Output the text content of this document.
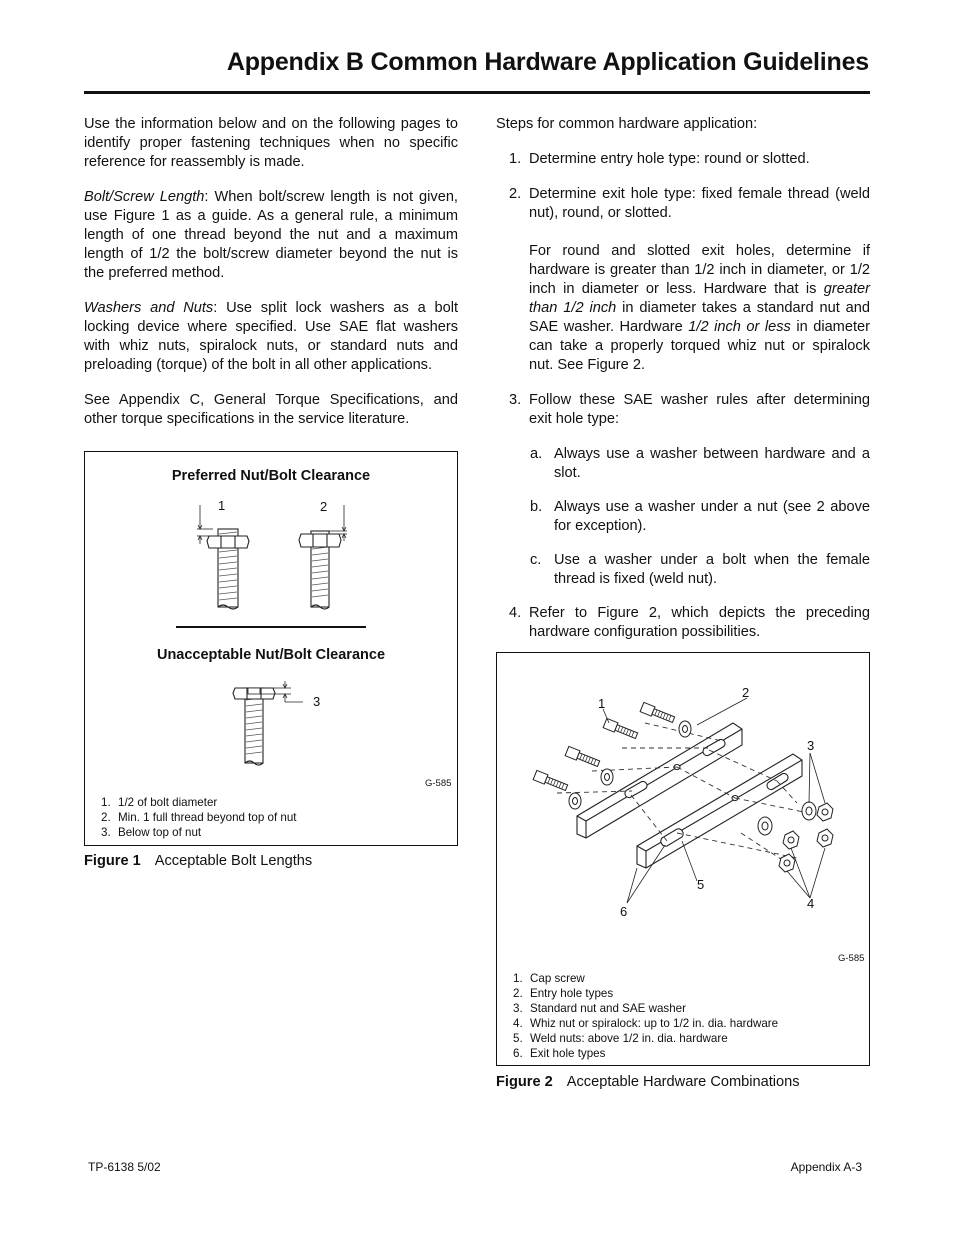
Appendix B Common Hardware Application Guidelines

Use the information below and on the following pages to identify proper fastening techniques when no specific reference for reassembly is made.

Bolt/Screw Length: When bolt/screw length is not given, use Figure 1 as a guide. As a general rule, a minimum length of one thread beyond the nut and a maximum length of 1/2 the bolt/screw diameter beyond the nut is the preferred method.

Washers and Nuts: Use split lock washers as a bolt locking device where specified. Use SAE flat washers with whiz nuts, spiralock nuts, or standard nuts and preloading (torque) of the bolt in all other applications.

See Appendix C, General Torque Specifications, and other torque specifications in the service literature.

Preferred Nut/Bolt Clearance
Unacceptable Nut/Bolt Clearance
1	2
3
G-585
1. 1/2 of bolt diameter
2. Min. 1 full thread beyond top of nut
3. Below top of nut
Figure 1 Acceptable Bolt Lengths

Steps for common hardware application:

1. Determine entry hole type: round or slotted.

2. Determine exit hole type: fixed female thread (weld nut), round, or slotted.

For round and slotted exit holes, determine if hardware is greater than 1/2 inch in diameter, or 1/2 inch in diameter or less. Hardware that is greater than 1/2 inch in diameter takes a standard nut and SAE washer. Hardware 1/2 inch or less in diameter can take a properly torqued whiz nut or spiralock nut. See Figure 2.

3. Follow these SAE washer rules after determining exit hole type:

a. Always use a washer between hardware and a slot.
b. Always use a washer under a nut (see 2 above for exception).
c. Use a washer under a bolt when the female thread is fixed (weld nut).
4. Refer to Figure 2, which depicts the preceding hardware configuration possibilities.

1
2
3
4
5
6
G-585
1. Cap screw
2. Entry hole types
3. Standard nut and SAE washer
4. Whiz nut or spiralock: up to 1/2 in. dia. hardware
5. Weld nuts: above 1/2 in. dia. hardware
6. Exit hole types
Figure 2 Acceptable Hardware Combinations
TP-6138 5/02	Appendix A-3
